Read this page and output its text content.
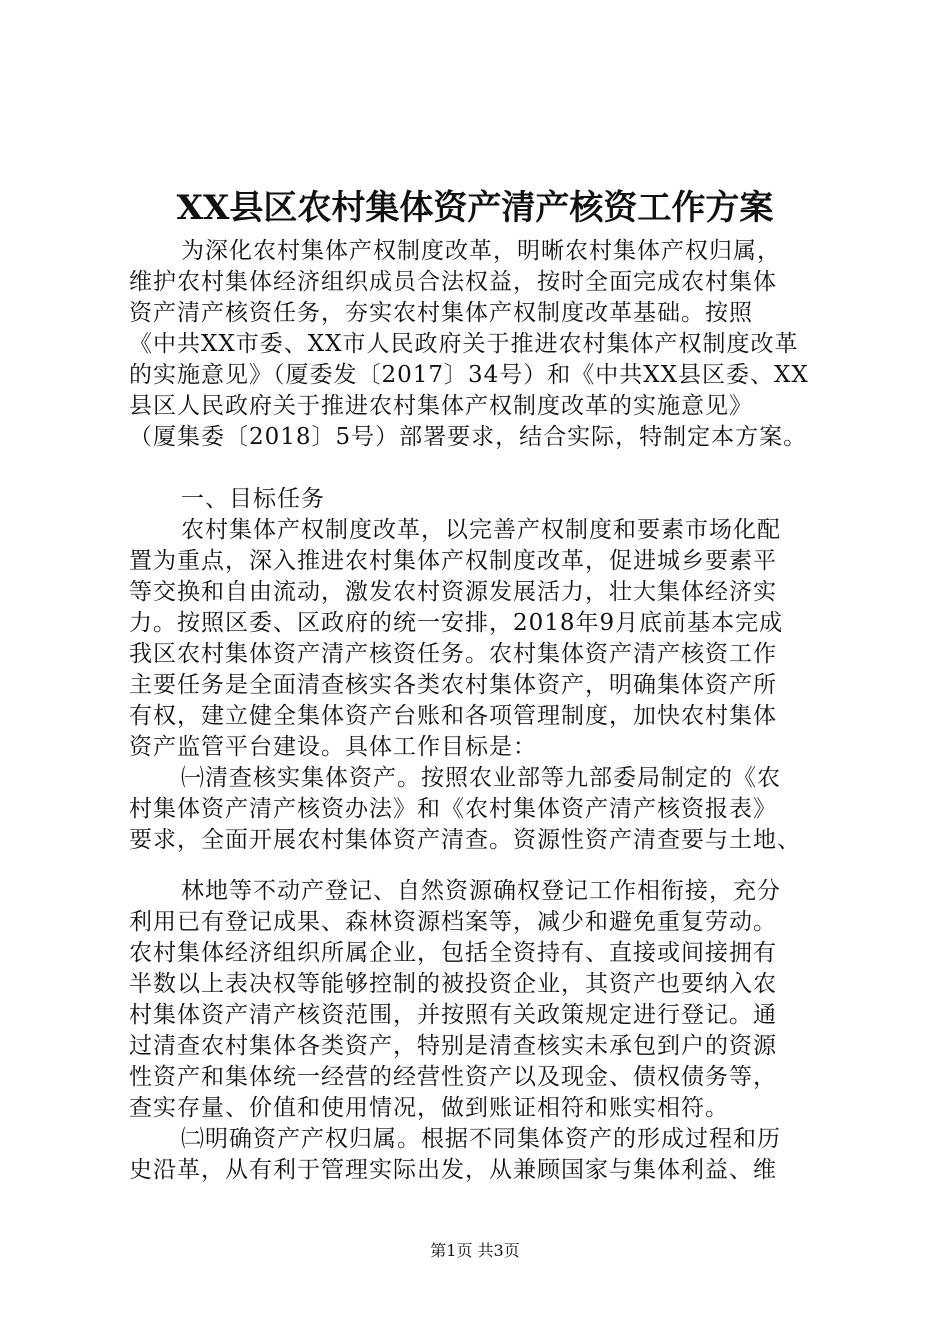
XX县区农村集体资产清产核资工作方案
为深化农村集体产权制度改革，明晰农村集体产权归属，
维护农村集体经济组织成员合法权益，按时全面完成农村集体
资产清产核资任务，夯实农村集体产权制度改革基础。按照
《中共XX市委、XX市人民政府关于推进农村集体产权制度改革
的实施意见》（厦委发〔2017〕34号）和《中共XX县区委、XX
县区人民政府关于推进农村集体产权制度改革的实施意见》
（厦集委〔2018〕5号）部署要求，结合实际，特制定本方案。
一、目标任务
农村集体产权制度改革，以完善产权制度和要素市场化配
置为重点，深入推进农村集体产权制度改革，促进城乡要素平
等交换和自由流动，激发农村资源发展活力，壮大集体经济实
力。按照区委、区政府的统一安排，2018年9月底前基本完成
我区农村集体资产清产核资任务。农村集体资产清产核资工作
主要任务是全面清查核实各类农村集体资产，明确集体资产所
有权，建立健全集体资产台账和各项管理制度，加快农村集体
资产监管平台建设。具体工作目标是：
㈠清查核实集体资产。按照农业部等九部委局制定的《农
村集体资产清产核资办法》和《农村集体资产清产核资报表》
要求，全面开展农村集体资产清查。资源性资产清查要与土地、
林地等不动产登记、自然资源确权登记工作相衔接，充分
利用已有登记成果、森林资源档案等，减少和避免重复劳动。
农村集体经济组织所属企业，包括全资持有、直接或间接拥有
半数以上表决权等能够控制的被投资企业，其资产也要纳入农
村集体资产清产核资范围，并按照有关政策规定进行登记。通
过清查农村集体各类资产，特别是清查核实未承包到户的资源
性资产和集体统一经营的经营性资产以及现金、债权债务等，
查实存量、价值和使用情况，做到账证相符和账实相符。
㈡明确资产产权归属。根据不同集体资产的形成过程和历
史沿革，从有利于管理实际出发，从兼顾国家与集体利益、维
第1页 共3页
